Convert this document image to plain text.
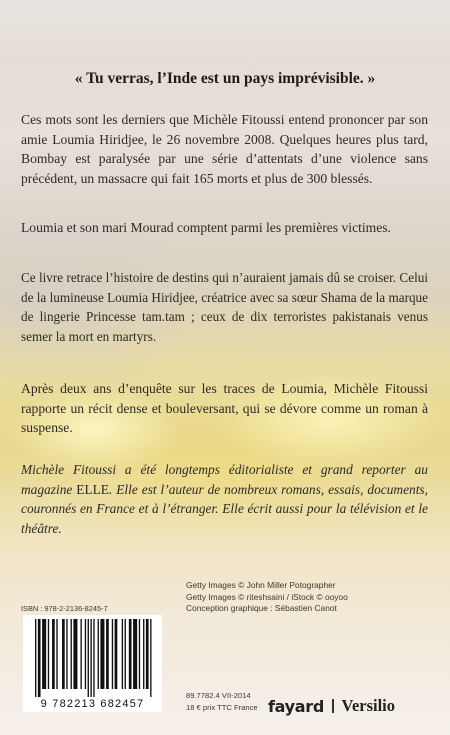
« Tu verras, l’Inde est un pays imprévisible. »

Ces mots sont les derniers que Michèle Fitoussi entend prononcer par son amie Loumia Hiridjee, le 26 novembre 2008. Quelques heures plus tard, Bombay est paralysée par une série d’attentats d’une violence sans précédent, un massacre qui fait 165 morts et plus de 300 blessés.

Loumia et son mari Mourad comptent parmi les premières victimes.

Ce livre retrace l’histoire de destins qui n’auraient jamais dû se croiser. Celui de la lumineuse Loumia Hiridjee, créatrice avec sa sœur Shama de la marque de lingerie Princesse tam.tam ; ceux de dix terroristes pakistanais venus semer la mort en martyrs.

Après deux ans d’enquête sur les traces de Loumia, Michèle Fitoussi rapporte un récit dense et bouleversant, qui se dévore comme un roman à suspense.

Michèle Fitoussi a été longtemps éditorialiste et grand reporter au magazine ELLE. Elle est l’auteur de nombreux romans, essais, documents, couronnés en France et à l’étranger. Elle écrit aussi pour la télévision et le théâtre.

Getty Images © John Miller Potographer
Getty Images © riteshsaini / iStock © ooyoo
Conception graphique : Sébastien Canot
ISBN : 978-2-2136-8245-7
9 782213 682457
89.7782.4 VII-2014
18 € prix TTC France fayard Versilio
